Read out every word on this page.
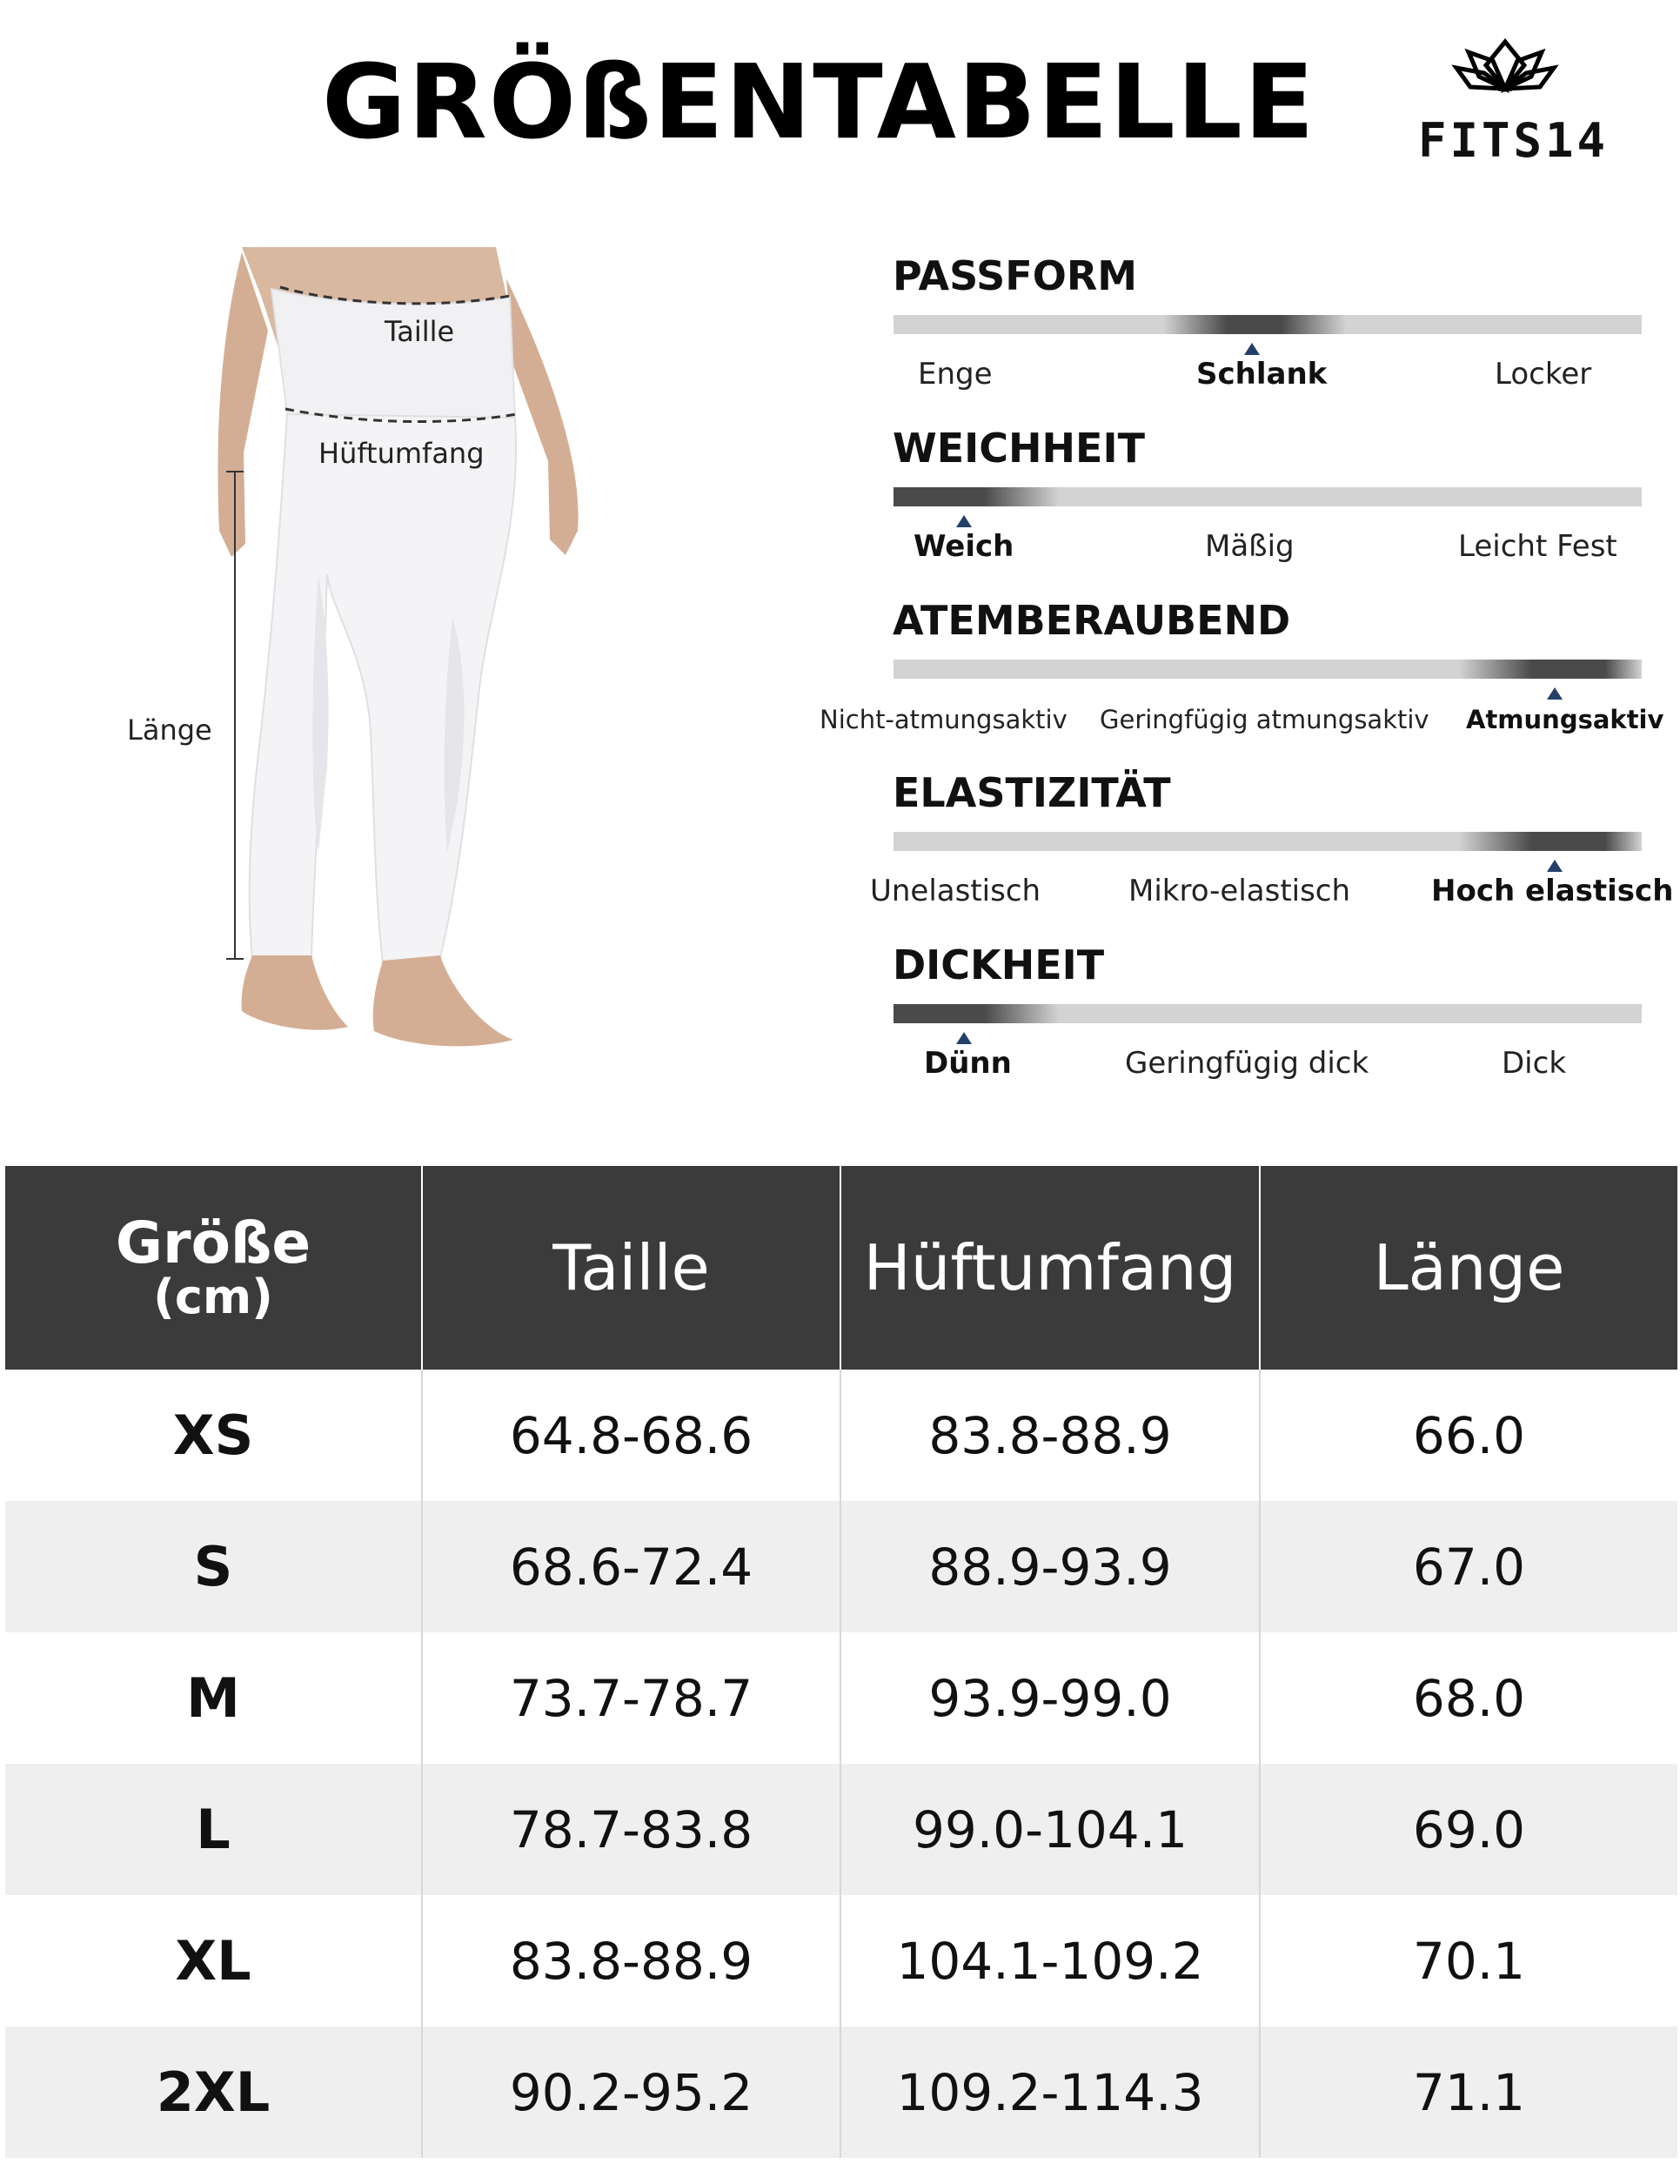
GRÖßENTABELLE FITS14
Taille
Hüftumfang
Länge
PASSFORM
Enge	Schlank	Locker
WEICHHEIT
Weich	Mäßig	Leicht Fest
ATEMBERAUBEND
Nicht-atmungsaktiv Geringfügig atmungsaktiv Atmungsaktiv
ELASTIZITÄT
Unelastisch	Mikro-elastisch	Hoch elastisch
DICKHEIT
Dünn	Geringfügig dick	Dick
Größe
(cm)	Taille	Hüftumfang	Länge
XS	64.8-68.6	83.8-88.9	66.0
S	68.6-72.4	88.9-93.9	67.0
M	73.7-78.7	93.9-99.0	68.0
L	78.7-83.8	99.0-104.1	69.0
XL	83.8-88.9	104.1-109.2	70.1
2XL	90.2-95.2	109.2-114.3	71.1
